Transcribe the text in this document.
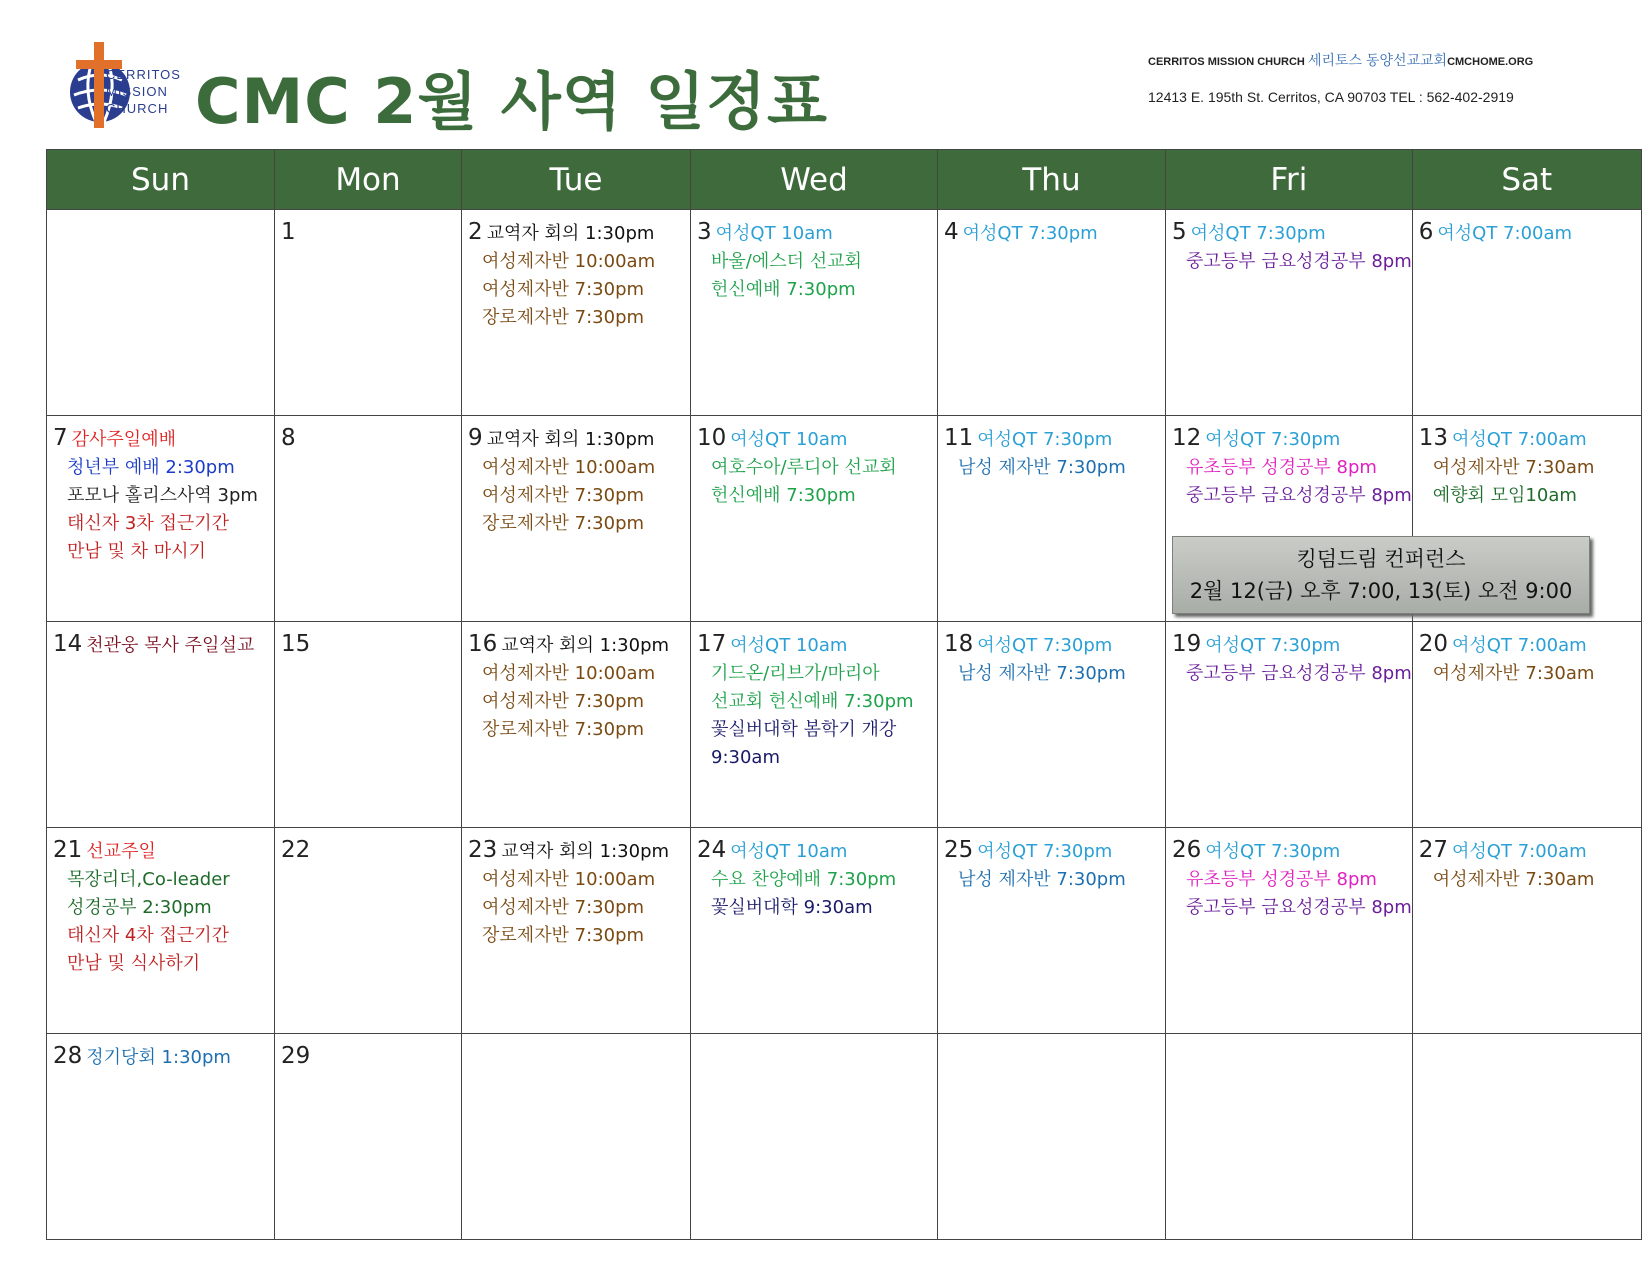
CERRITOS
MISSION
CHURCH CMC 2월 사역 일정표
CERRITOS MISSION CHURCH 세리토스 동양선교교회CMCHOME.ORG
12413 E. 195th St. Cerritos, CA 90703 TEL : 562-402-2919
Sun	Mon	Tue	Wed	Thu	Fri	Sat

	1	2 교역자 회의 1:30pm

여성제자반 10:00am
여성제자반 7:30pm
장로제자반 7:30pm	3 여성QT 10am

바울/에스더 선교회
헌신예배 7:30pm	4 여성QT 7:30pm	5 여성QT 7:30pm

중고등부 금요성경공부 8pm	6 여성QT 7:00am

7 감사주일예배

청년부 예배 2:30pm
포모나 홀리스사역 3pm
태신자 3차 접근기간
만남 및 차 마시기	8	9 교역자 회의 1:30pm

여성제자반 10:00am
여성제자반 7:30pm
장로제자반 7:30pm	10 여성QT 10am

여호수아/루디아 선교회
헌신예배 7:30pm	11 여성QT 7:30pm

남성 제자반 7:30pm	12 여성QT 7:30pm

유초등부 성경공부 8pm
중고등부 금요성경공부 8pm	13 여성QT 7:00am

여성제자반 7:30am
예향회 모임10am

14 천관웅 목사 주일설교	15	16 교역자 회의 1:30pm

여성제자반 10:00am
여성제자반 7:30pm
장로제자반 7:30pm	17 여성QT 10am

기드온/리브가/마리아
선교회 헌신예배 7:30pm
꽃실버대학 봄학기 개강
9:30am	18 여성QT 7:30pm

남성 제자반 7:30pm	19 여성QT 7:30pm

중고등부 금요성경공부 8pm	20 여성QT 7:00am

여성제자반 7:30am

21 선교주일

목장리더,Co-leader
성경공부 2:30pm
태신자 4차 접근기간
만남 및 식사하기	22	23 교역자 회의 1:30pm

여성제자반 10:00am
여성제자반 7:30pm
장로제자반 7:30pm	24 여성QT 10am

수요 찬양예배 7:30pm
꽃실버대학 9:30am	25 여성QT 7:30pm

남성 제자반 7:30pm	26 여성QT 7:30pm

유초등부 성경공부 8pm
중고등부 금요성경공부 8pm	27 여성QT 7:00am

여성제자반 7:30am

28 정기당회 1:30pm	29					

킹덤드림 컨퍼런스
2월 12(금) 오후 7:00, 13(토) 오전 9:00
